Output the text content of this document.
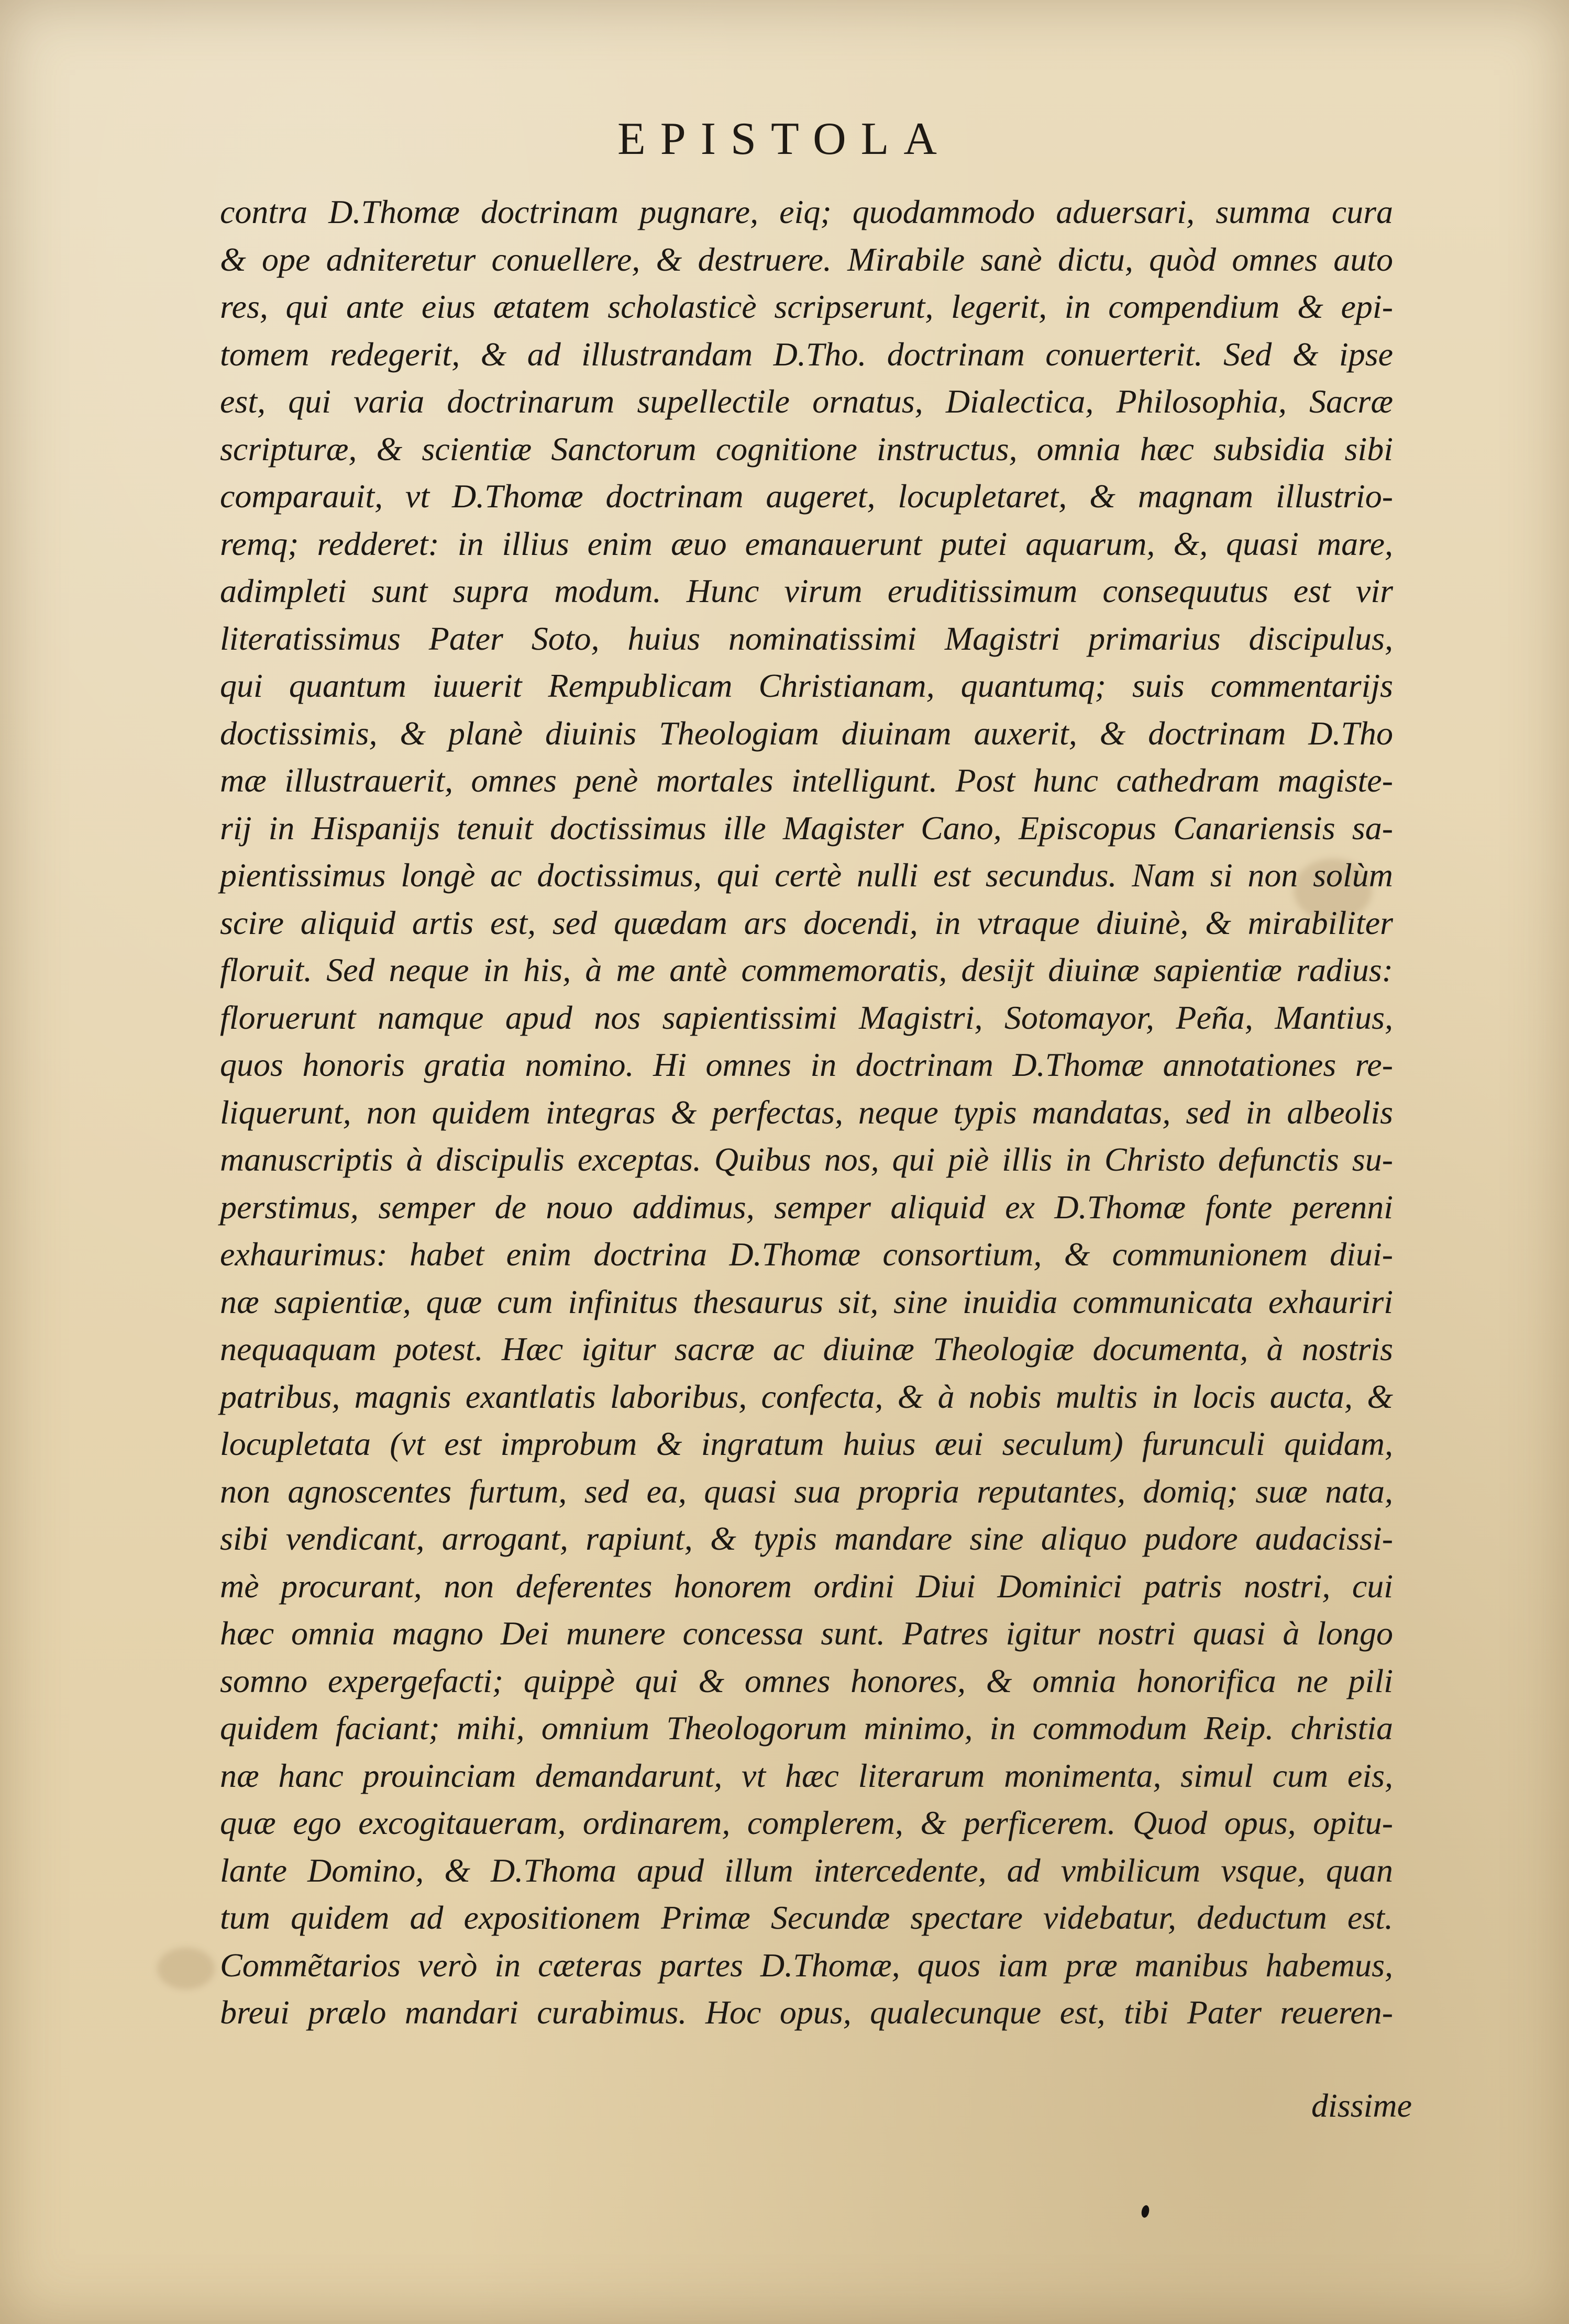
EPISTOLA
contra D.Thomæ doctrinam pugnare, eiq; quodammodo aduersari, summa cura
& ope adniteretur conuellere, & destruere. Mirabile sanè dictu, quòd omnes auto
res, qui ante eius ætatem scholasticè scripserunt, legerit, in compendium & epi-
tomem redegerit, & ad illustrandam D.Tho. doctrinam conuerterit. Sed & ipse
est, qui varia doctrinarum supellectile ornatus, Dialectica, Philosophia, Sacræ
scripturæ, & scientiæ Sanctorum cognitione instructus, omnia hæc subsidia sibi
comparauit, vt D.Thomæ doctrinam augeret, locupletaret, & magnam illustrio-
remq; redderet: in illius enim æuo emanauerunt putei aquarum, &, quasi mare,
adimpleti sunt supra modum. Hunc virum eruditissimum consequutus est vir
literatissimus Pater Soto, huius nominatissimi Magistri primarius discipulus,
qui quantum iuuerit Rempublicam Christianam, quantumq; suis commentarijs
doctissimis, & planè diuinis Theologiam diuinam auxerit, & doctrinam D.Tho
mæ illustrauerit, omnes penè mortales intelligunt. Post hunc cathedram magiste-
rij in Hispanijs tenuit doctissimus ille Magister Cano, Episcopus Canariensis sa-
pientissimus longè ac doctissimus, qui certè nulli est secundus. Nam si non solùm
scire aliquid artis est, sed quædam ars docendi, in vtraque diuinè, & mirabiliter
floruit. Sed neque in his, à me antè commemoratis, desijt diuinæ sapientiæ radius:
floruerunt namque apud nos sapientissimi Magistri, Sotomayor, Peña, Mantius,
quos honoris gratia nomino. Hi omnes in doctrinam D.Thomæ annotationes re-
liquerunt, non quidem integras & perfectas, neque typis mandatas, sed in albeolis
manuscriptis à discipulis exceptas. Quibus nos, qui piè illis in Christo defunctis su-
perstimus, semper de nouo addimus, semper aliquid ex D.Thomæ fonte perenni
exhaurimus: habet enim doctrina D.Thomæ consortium, & communionem diui-
næ sapientiæ, quæ cum infinitus thesaurus sit, sine inuidia communicata exhauriri
nequaquam potest. Hæc igitur sacræ ac diuinæ Theologiæ documenta, à nostris
patribus, magnis exantlatis laboribus, confecta, & à nobis multis in locis aucta, &
locupletata (vt est improbum & ingratum huius æui seculum) furunculi quidam,
non agnoscentes furtum, sed ea, quasi sua propria reputantes, domiq; suæ nata,
sibi vendicant, arrogant, rapiunt, & typis mandare sine aliquo pudore audacissi-
mè procurant, non deferentes honorem ordini Diui Dominici patris nostri, cui
hæc omnia magno Dei munere concessa sunt. Patres igitur nostri quasi à longo
somno expergefacti; quippè qui & omnes honores, & omnia honorifica ne pili
quidem faciant; mihi, omnium Theologorum minimo, in commodum Reip. christia
næ hanc prouinciam demandarunt, vt hæc literarum monimenta, simul cum eis,
quæ ego excogitaueram, ordinarem, complerem, & perficerem. Quod opus, opitu-
lante Domino, & D.Thoma apud illum intercedente, ad vmbilicum vsque, quan
tum quidem ad expositionem Primæ Secundæ spectare videbatur, deductum est.
Commẽtarios verò in cæteras partes D.Thomæ, quos iam præ manibus habemus,
breui prælo mandari curabimus. Hoc opus, qualecunque est, tibi Pater reueren-
dissime
